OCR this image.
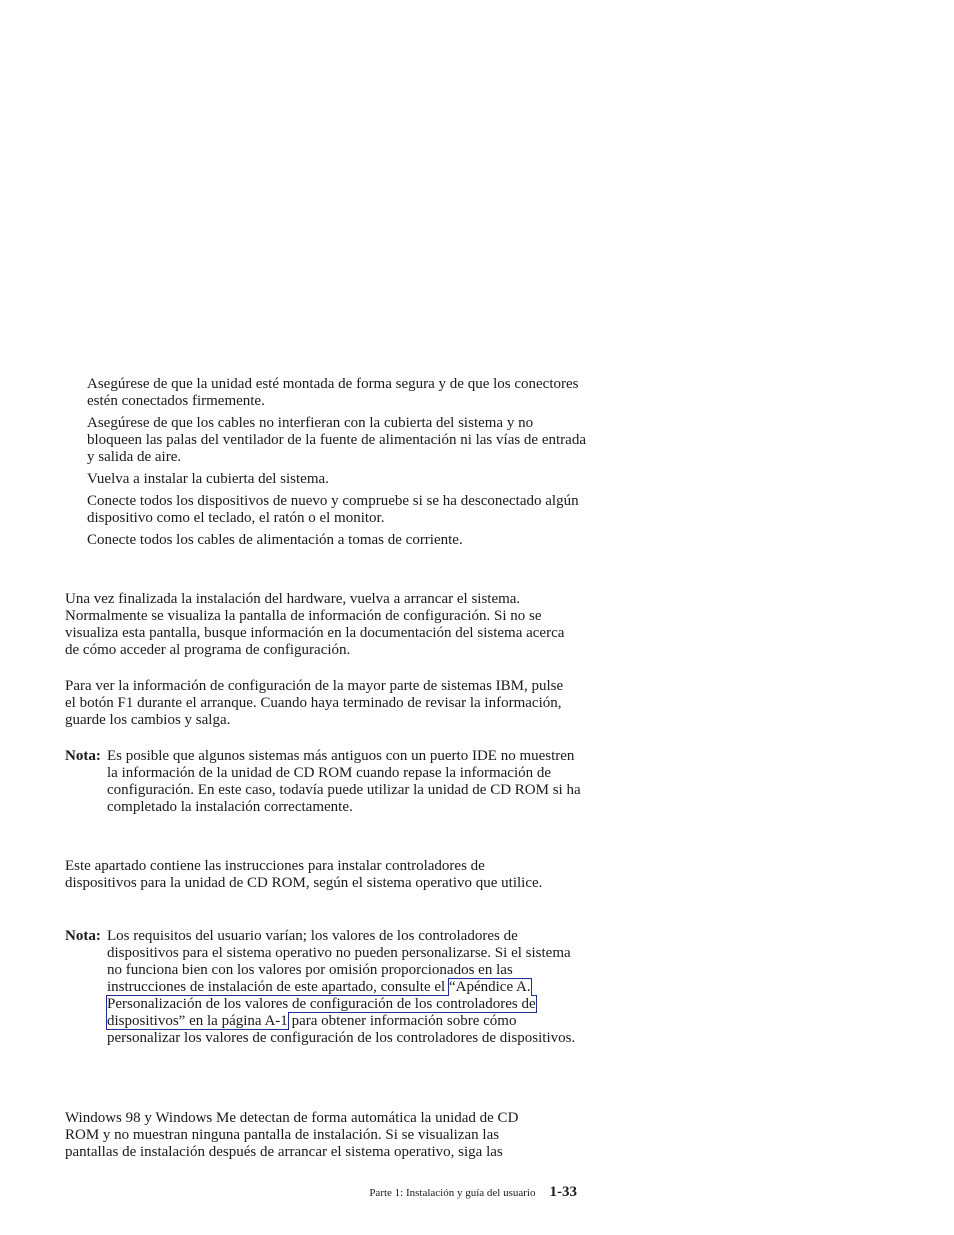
Asegúrese de que la unidad esté montada de forma segura y de que los conectores estén conectados firmemente.

Asegúrese de que los cables no interfieran con la cubierta del sistema y no bloqueen las palas del ventilador de la fuente de alimentación ni las vías de entrada y salida de aire.

Vuelva a instalar la cubierta del sistema.

Conecte todos los dispositivos de nuevo y compruebe si se ha desconectado algún dispositivo como el teclado, el ratón o el monitor.

Conecte todos los cables de alimentación a tomas de corriente.

Una vez finalizada la instalación del hardware, vuelva a arrancar el sistema. Normalmente se visualiza la pantalla de información de configuración. Si no se visualiza esta pantalla, busque información en la documentación del sistema acerca de cómo acceder al programa de configuración.

Para ver la información de configuración de la mayor parte de sistemas IBM, pulse el botón F1 durante el arranque. Cuando haya terminado de revisar la información, guarde los cambios y salga.

Nota: Es posible que algunos sistemas más antiguos con un puerto IDE no muestren la información de la unidad de CD ROM cuando repase la información de configuración. En este caso, todavía puede utilizar la unidad de CD ROM si ha completado la instalación correctamente.

Este apartado contiene las instrucciones para instalar controladores de dispositivos para la unidad de CD ROM, según el sistema operativo que utilice.

Nota: Los requisitos del usuario varían; los valores de los controladores de dispositivos para el sistema operativo no pueden personalizarse. Si el sistema no funciona bien con los valores por omisión proporcionados en las instrucciones de instalación de este apartado, consulte el “Apéndice A. Personalización de los valores de configuración de los controladores de dispositivos” en la página A-1 para obtener información sobre cómo personalizar los valores de configuración de los controladores de dispositivos.

Windows 98 y Windows Me detectan de forma automática la unidad de CD ROM y no muestran ninguna pantalla de instalación. Si se visualizan las pantallas de instalación después de arrancar el sistema operativo, siga las

Parte 1: Instalación y guía del usuario 1-33
